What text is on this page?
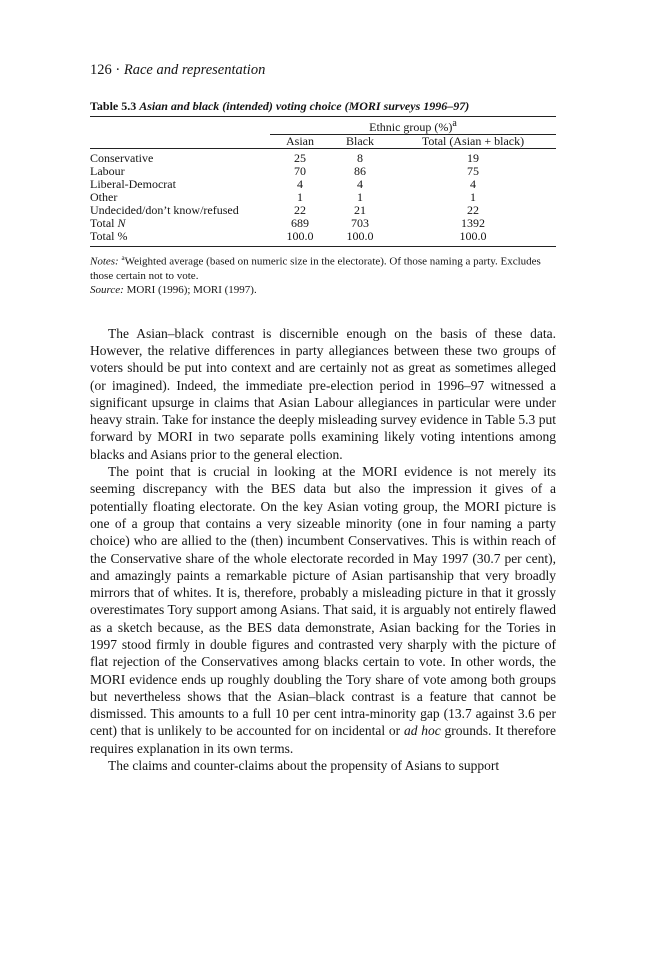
126 · Race and representation
Table 5.3 Asian and black (intended) voting choice (MORI surveys 1996–97)
	Ethnic group (%)$^a$
	Asian	Black	Total (Asian + black)
Conservative	25	8	19
Labour	70	86	75
Liberal-Democrat	4	4	4
Other	1	1	1
Undecided/don’t know/refused	22	21	22
Total N	689	703	1392
Total %	100.0	100.0	100.0
Notes: $^a$Weighted average (based on numeric size in the electorate). Of those naming a party. Excludes those certain not to vote.
Source: MORI (1996); MORI (1997).

The Asian–black contrast is discernible enough on the basis of these data. However, the relative differences in party allegiances between these two groups of voters should be put into context and are certainly not as great as sometimes alleged (or imagined). Indeed, the immediate pre-election period in 1996–97 witnessed a significant upsurge in claims that Asian Labour allegiances in particular were under heavy strain. Take for instance the deeply misleading survey evidence in Table 5.3 put forward by MORI in two separate polls examining likely voting intentions among blacks and Asians prior to the general election.

The point that is crucial in looking at the MORI evidence is not merely its seeming discrepancy with the BES data but also the impression it gives of a potentially floating electorate. On the key Asian voting group, the MORI picture is one of a group that contains a very sizeable minority (one in four naming a party choice) who are allied to the (then) incumbent Conservatives. This is within reach of the Conservative share of the whole electorate recorded in May 1997 (30.7 per cent), and amazingly paints a remarkable picture of Asian partisanship that very broadly mirrors that of whites. It is, therefore, probably a misleading picture in that it grossly overestimates Tory support among Asians. That said, it is arguably not entirely flawed as a sketch because, as the BES data demonstrate, Asian backing for the Tories in 1997 stood firmly in double figures and contrasted very sharply with the picture of flat rejection of the Conservatives among blacks certain to vote. In other words, the MORI evidence ends up roughly doubling the Tory share of vote among both groups but nevertheless shows that the Asian–black contrast is a feature that cannot be dismissed. This amounts to a full 10 per cent intra-minority gap (13.7 against 3.6 per cent) that is unlikely to be accounted for on incidental or ad hoc grounds. It therefore requires explanation in its own terms.

The claims and counter-claims about the propensity of Asians to support
